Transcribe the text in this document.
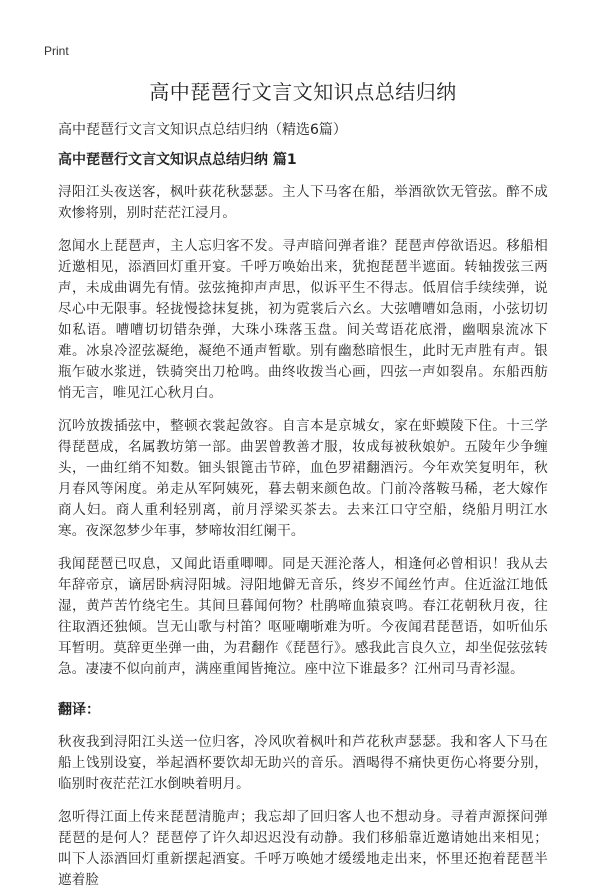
Print
高中琵琶行文言文知识点总结归纳
高中琵琶行文言文知识点总结归纳（精选6篇）
高中琵琶行文言文知识点总结归纳 篇1
浔阳江头夜送客，枫叶荻花秋瑟瑟。主人下马客在船，举酒欲饮无管弦。醉不成欢惨将别，别时茫茫江浸月。
忽闻水上琵琶声，主人忘归客不发。寻声暗问弹者谁？琵琶声停欲语迟。移船相近邀相见，添酒回灯重开宴。千呼万唤始出来，犹抱琵琶半遮面。转轴拨弦三两声，未成曲调先有情。弦弦掩抑声声思，似诉平生不得志。低眉信手续续弹，说尽心中无限事。轻拢慢捻抹复挑，初为霓裳后六幺。大弦嘈嘈如急雨，小弦切切如私语。嘈嘈切切错杂弹，大珠小珠落玉盘。间关莺语花底滑，幽咽泉流冰下难。冰泉冷涩弦凝绝，凝绝不通声暂歇。别有幽愁暗恨生，此时无声胜有声。银瓶乍破水浆迸，铁骑突出刀枪鸣。曲终收拨当心画，四弦一声如裂帛。东船西舫悄无言，唯见江心秋月白。
沉吟放拨插弦中，整顿衣裳起敛容。自言本是京城女，家在虾蟆陵下住。十三学得琵琶成，名属教坊第一部。曲罢曾教善才服，妆成每被秋娘妒。五陵年少争缠头，一曲红绡不知数。钿头银篦击节碎，血色罗裙翻酒污。今年欢笑复明年，秋月春风等闲度。弟走从军阿姨死，暮去朝来颜色故。门前冷落鞍马稀，老大嫁作商人妇。商人重利轻别离，前月浮梁买茶去。去来江口守空船，绕船月明江水寒。夜深忽梦少年事，梦啼妆泪红阑干。
我闻琵琶已叹息，又闻此语重唧唧。同是天涯沦落人，相逢何必曾相识！我从去年辞帝京，谪居卧病浔阳城。浔阳地僻无音乐，终岁不闻丝竹声。住近湓江地低湿，黄芦苦竹绕宅生。其间旦暮闻何物？杜鹃啼血猿哀鸣。春江花朝秋月夜，往往取酒还独倾。岂无山歌与村笛？呕哑嘲哳难为听。今夜闻君琵琶语，如听仙乐耳暂明。莫辞更坐弹一曲，为君翻作《琵琶行》。感我此言良久立，却坐促弦弦转急。凄凄不似向前声，满座重闻皆掩泣。座中泣下谁最多？江州司马青衫湿。
翻译：
秋夜我到浔阳江头送一位归客，冷风吹着枫叶和芦花秋声瑟瑟。我和客人下马在船上饯别设宴，举起酒杯要饮却无助兴的音乐。酒喝得不痛快更伤心将要分别，临别时夜茫茫江水倒映着明月。
忽听得江面上传来琵琶清脆声；我忘却了回归客人也不想动身。寻着声源探问弹琵琶的是何人？琵琶停了许久却迟迟没有动静。我们移船靠近邀请她出来相见；叫下人添酒回灯重新摆起酒宴。千呼万唤她才缓缓地走出来，怀里还抱着琵琶半遮着脸
